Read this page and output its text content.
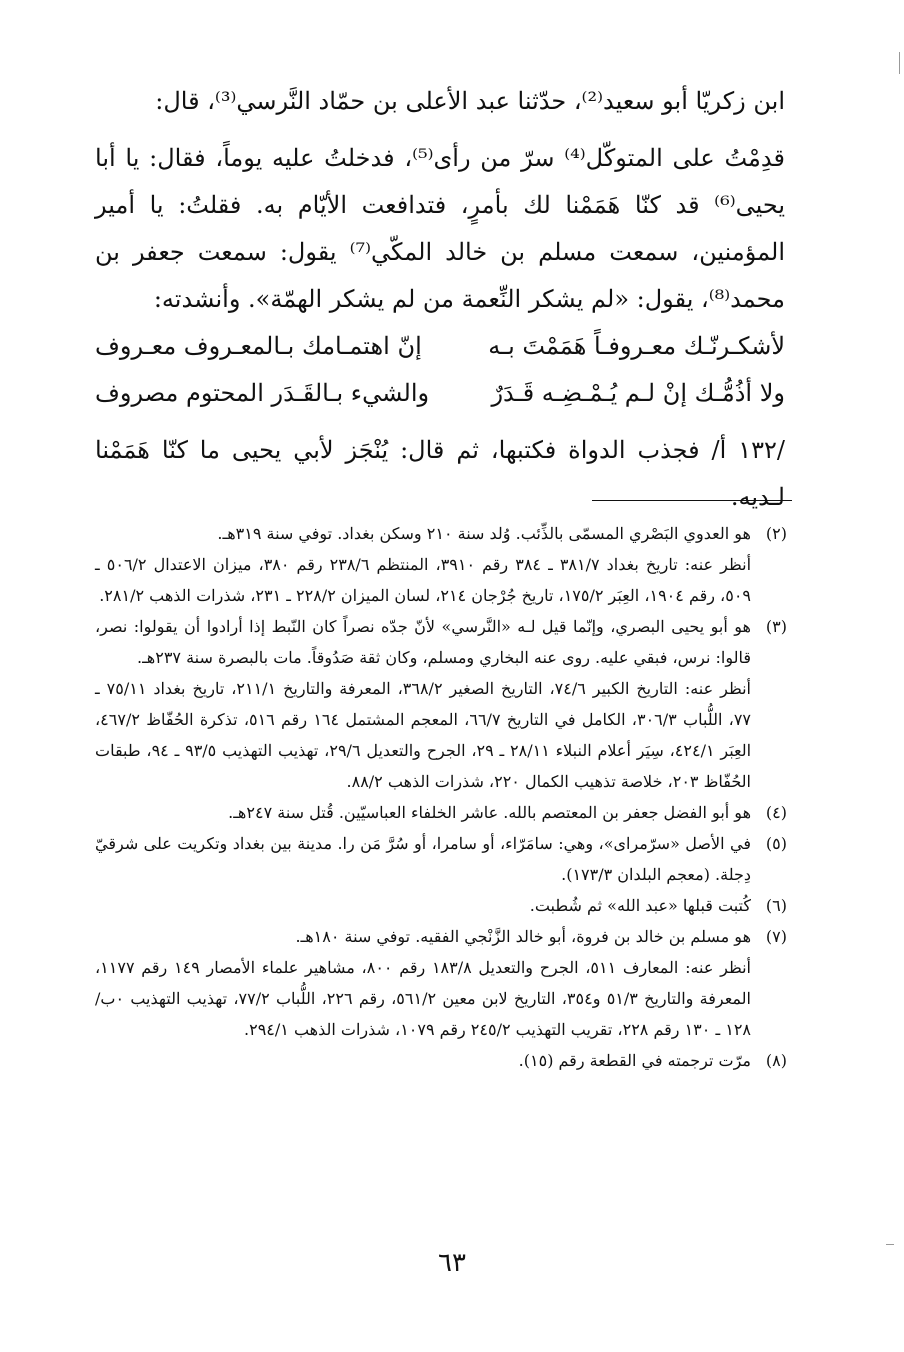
ابن زكريّا أبو سعيد⁽²⁾، حدّثنا عبد الأعلى بن حمّاد النَّرسي⁽³⁾، قال:

قدِمْتُ على المتوكّل⁽⁴⁾ سرّ من رأى⁽⁵⁾، فدخلتُ عليه يوماً، فقال: يا أبا يحيى⁽⁶⁾ قد كنّا هَمَمْنا لك بأمرٍ، فتدافعت الأيّام به. فقلتُ: يا أمير المؤمنين، سمعت مسلم بن خالد المكّي⁽⁷⁾ يقول: سمعت جعفر بن محمد⁽⁸⁾، يقول: «لم يشكر النِّعمة من لم يشكر الهمّة». وأنشدته:

لأشكـرنّـك معـروفـاً هَمَمْتَ بـه
إنّ اهتمـامك بـالمعـروف معـروف
ولا أذُمُّـك إنْ لـم يُـمْـضِـه قَـدَرٌ
والشيء بـالقَـدَر المحتوم مصروف

/١٣٢ أ/ فجذب الدواة فكتبها، ثم قال: يُنْجَز لأبي يحيى ما كنّا هَمَمْنا لـديه.

(٢)

هو العدوي البَصْري المسمّى بالذِّئب. وُلد سنة ٢١٠ وسكن بغداد. توفي سنة ٣١٩هـ.

أنظر عنه: تاريخ بغداد ٣٨١/٧ ـ ٣٨٤ رقم ٣٩١٠، المنتظم ٢٣٨/٦ رقم ٣٨٠، ميزان الاعتدال ٥٠٦/٢ ـ ٥٠٩، رقم ١٩٠٤، العِبَر ١٧٥/٢، تاريخ جُرْجان ٢١٤، لسان الميزان ٢٢٨/٢ ـ ٢٣١، شذرات الذهب ٢٨١/٢.

(٣)

هو أبو يحيى البصري، وإنّما قيل لـه «النَّرسي» لأنّ جدّه نصراً كان النّبط إذا أرادوا أن يقولوا: نصر، قالوا: نرس، فبقي عليه. روى عنه البخاري ومسلم، وكان ثقة صَدُوقاً. مات بالبصرة سنة ٢٣٧هـ.

أنظر عنه: التاريخ الكبير ٧٤/٦، التاريخ الصغير ٣٦٨/٢، المعرفة والتاريخ ٢١١/١، تاريخ بغداد ٧٥/١١ ـ ٧٧، اللُّباب ٣٠٦/٣، الكامل في التاريخ ٦٦/٧، المعجم المشتمل ١٦٤ رقم ٥١٦، تذكرة الحُفّاظ ٤٦٧/٢، العِبَر ٤٢٤/١، سِيَر أعلام النبلاء ٢٨/١١ ـ ٢٩، الجرح والتعديل ٢٩/٦، تهذيب التهذيب ٩٣/٥ ـ ٩٤، طبقات الحُفّاظ ٢٠٣، خلاصة تذهيب الكمال ٢٢٠، شذرات الذهب ٨٨/٢.

(٤)

هو أبو الفضل جعفر بن المعتصم بالله. عاشر الخلفاء العباسيّين. قُتل سنة ٢٤٧هـ.

(٥)

في الأصل «سرّمراى»، وهي: سامَرّاء، أو سامرا، أو سُرَّ مَن را. مدينة بين بغداد وتكريت على شرقيّ دِجلة. (معجم البلدان ١٧٣/٣).

(٦)

كُتبت قبلها «عبد الله» ثم شُطبت.

(٧)

هو مسلم بن خالد بن فروة، أبو خالد الزَّنْجي الفقيه. توفي سنة ١٨٠هـ.

أنظر عنه: المعارف ٥١١، الجرح والتعديل ١٨٣/٨ رقم ٨٠٠، مشاهير علماء الأمصار ١٤٩ رقم ١١٧٧، المعرفة والتاريخ ٥١/٣ و٣٥٤، التاريخ لابن معين ٥٦١/٢، رقم ٢٢٦، اللُّباب ٧٧/٢، تهذيب التهذيب ٠ب/١٢٨ ـ ١٣٠ رقم ٢٢٨، تقريب التهذيب ٢٤٥/٢ رقم ١٠٧٩، شذرات الذهب ٢٩٤/١.

(٨)

مرّت ترجمته في القطعة رقم (١٥).

٦٣
